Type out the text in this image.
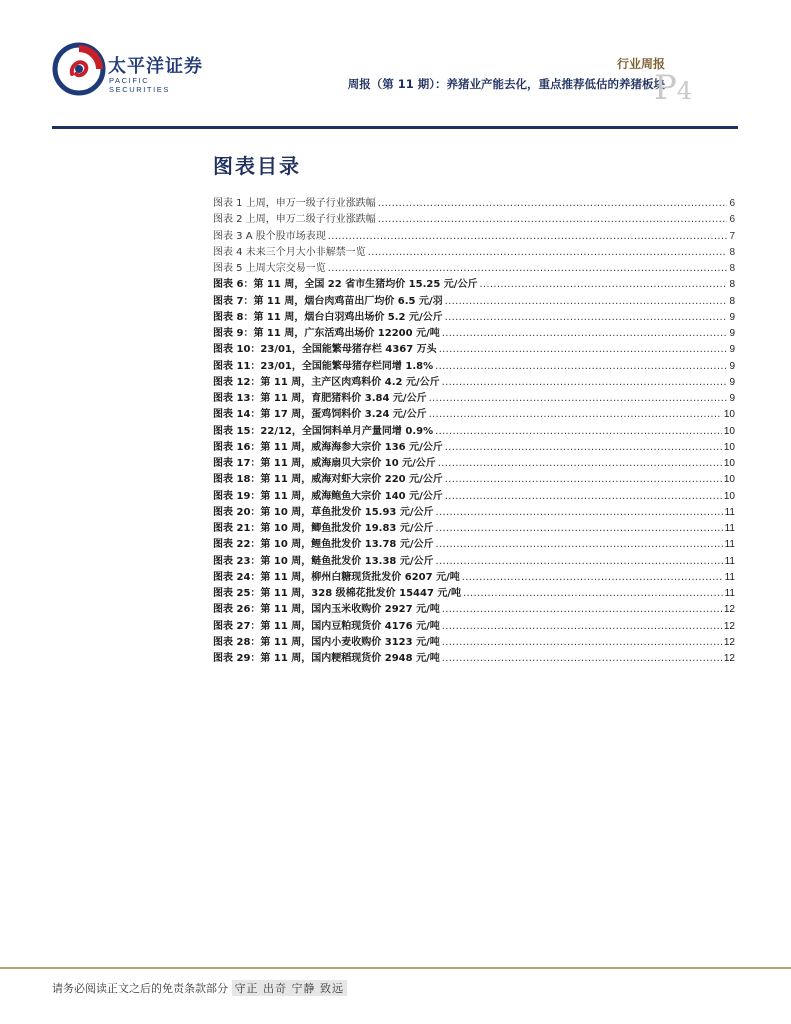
太平洋证券
PACIFIC SECURITIES
行业周报
周报（第 11 期）：养猪业产能去化，重点推荐低估的养猪板块
P4
图表目录
图表 1 上周，申万一级子行业涨跌幅 .....	6
图表 2 上周，申万二级子行业涨跌幅 .....	6
图表 3 A 股个股市场表现 .....	7
图表 4 未来三个月大小非解禁一览 .....	8
图表 5 上周大宗交易一览 .....	8
图表 6：第 11 周，全国 22 省市生猪均价 15.25 元/公斤 .....	8
图表 7：第 11 周，烟台肉鸡苗出厂均价 6.5 元/羽 .....	8
图表 8：第 11 周，烟台白羽鸡出场价 5.2 元/公斤 .....	9
图表 9：第 11 周，广东活鸡出场价 12200 元/吨 .....	9
图表 10：23/01，全国能繁母猪存栏 4367 万头 .....	9
图表 11：23/01，全国能繁母猪存栏同增 1.8% .....	9
图表 12：第 11 周，主产区肉鸡料价 4.2 元/公斤 .....	9
图表 13：第 11 周，育肥猪料价 3.84 元/公斤 .....	9
图表 14：第 17 周，蛋鸡饲料价 3.24 元/公斤 .....	10
图表 15：22/12，全国饲料单月产量同增 0.9% .....	10
图表 16：第 11 周，威海海参大宗价 136 元/公斤 .....	10
图表 17：第 11 周，威海扇贝大宗价 10 元/公斤 .....	10
图表 18：第 11 周，威海对虾大宗价 220 元/公斤 .....	10
图表 19：第 11 周，威海鲍鱼大宗价 140 元/公斤 .....	10
图表 20：第 10 周，草鱼批发价 15.93 元/公斤 .....	11
图表 21：第 10 周，鲫鱼批发价 19.83 元/公斤 .....	11
图表 22：第 10 周，鲤鱼批发价 13.78 元/公斤 .....	11
图表 23：第 10 周，鲢鱼批发价 13.38 元/公斤 .....	11
图表 24：第 11 周，柳州白糖现货批发价 6207 元/吨 .....	11
图表 25：第 11 周，328 级棉花批发价 15447 元/吨 .....	11
图表 26：第 11 周，国内玉米收购价 2927 元/吨 .....	12
图表 27：第 11 周，国内豆粕现货价 4176 元/吨 .....	12
图表 28：第 11 周，国内小麦收购价 3123 元/吨 .....	12
图表 29：第 11 周，国内粳稻现货价 2948 元/吨 .....	12
请务必阅读正文之后的免责条款部分 守正 出奇 宁静 致远
